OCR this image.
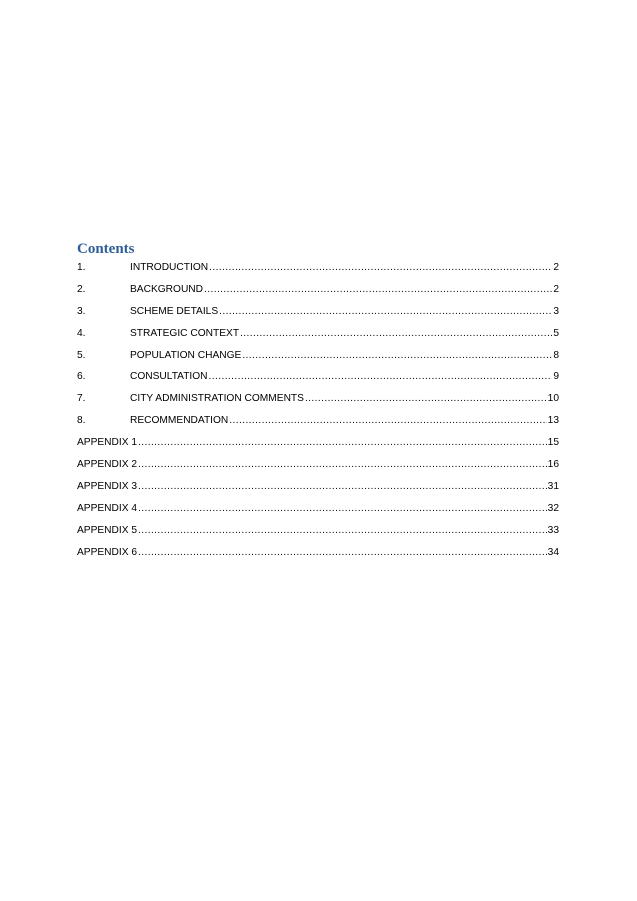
Contents
1.	INTRODUCTION .....	2
2.	BACKGROUND .....	2
3.	SCHEME DETAILS .....	3
4.	STRATEGIC CONTEXT .....	5
5.	POPULATION CHANGE .....	8
6.	CONSULTATION .....	9
7.	CITY ADMINISTRATION COMMENTS .....	10
8.	RECOMMENDATION .....	13
APPENDIX 1 .....	15
APPENDIX 2 .....	16
APPENDIX 3 .....	31
APPENDIX 4 .....	32
APPENDIX 5 .....	33
APPENDIX 6 .....	34
